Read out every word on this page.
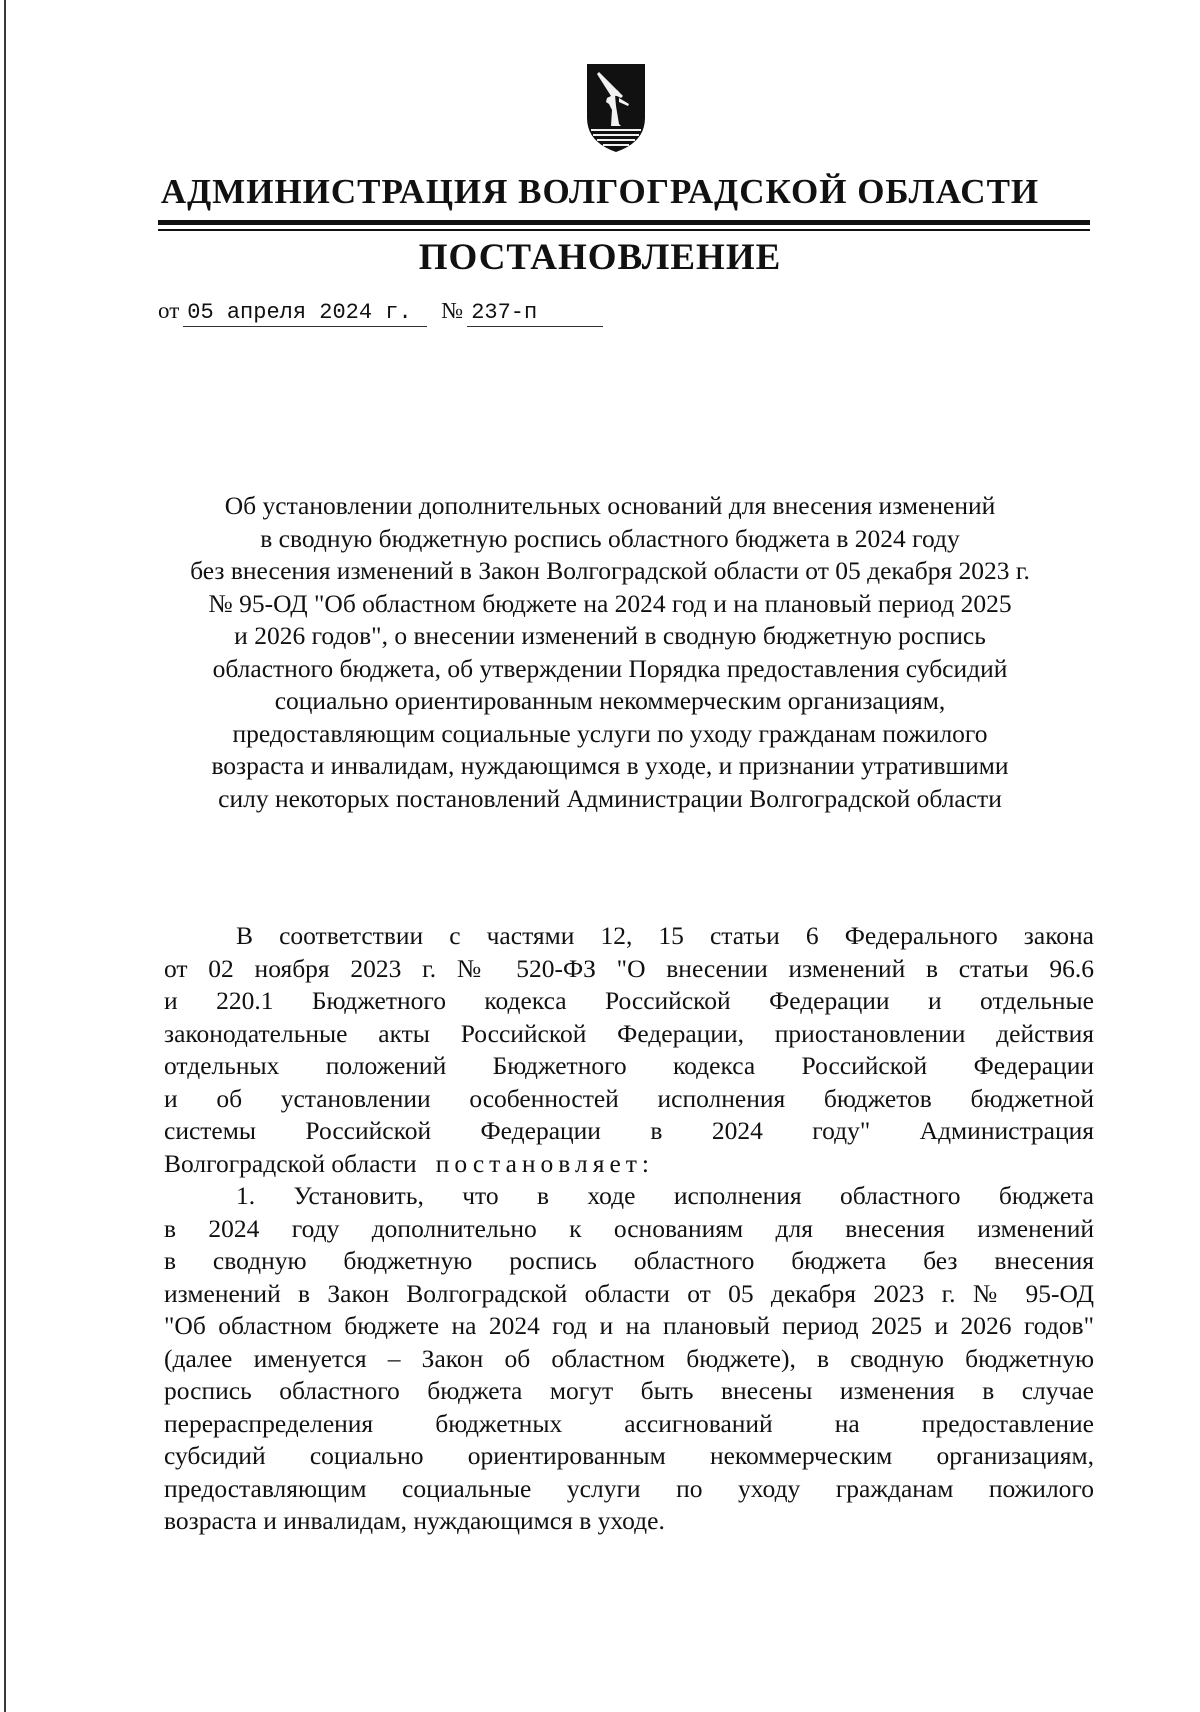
АДМИНИСТРАЦИЯ ВОЛГОГРАДСКОЙ ОБЛАСТИ
ПОСТАНОВЛЕНИЕ
от 05 апреля 2024 г. № 237-п
Об установлении дополнительных оснований для внесения изменений
в сводную бюджетную роспись областного бюджета в 2024 году
без внесения изменений в Закон Волгоградской области от 05 декабря 2023 г.
№ 95-ОД "Об областном бюджете на 2024 год и на плановый период 2025
и 2026 годов", о внесении изменений в сводную бюджетную роспись
областного бюджета, об утверждении Порядка предоставления субсидий
социально ориентированным некоммерческим организациям,
предоставляющим социальные услуги по уходу гражданам пожилого
возраста и инвалидам, нуждающимся в уходе, и признании утратившими
силу некоторых постановлений Администрации Волгоградской области
В соответствии с частями 12, 15 статьи 6 Федерального закона
от 02 ноября 2023 г. № 520-ФЗ "О внесении изменений в статьи 96.6
и 220.1 Бюджетного кодекса Российской Федерации и отдельные
законодательные акты Российской Федерации, приостановлении действия
отдельных положений Бюджетного кодекса Российской Федерации
и об установлении особенностей исполнения бюджетов бюджетной
системы Российской Федерации в 2024 году" Администрация
Волгоградской области постановляет:
1. Установить, что в ходе исполнения областного бюджета
в 2024 году дополнительно к основаниям для внесения изменений
в сводную бюджетную роспись областного бюджета без внесения
изменений в Закон Волгоградской области от 05 декабря 2023 г. № 95-ОД
"Об областном бюджете на 2024 год и на плановый период 2025 и 2026 годов"
(далее именуется – Закон об областном бюджете), в сводную бюджетную
роспись областного бюджета могут быть внесены изменения в случае
перераспределения бюджетных ассигнований на предоставление
субсидий социально ориентированным некоммерческим организациям,
предоставляющим социальные услуги по уходу гражданам пожилого
возраста и инвалидам, нуждающимся в уходе.
